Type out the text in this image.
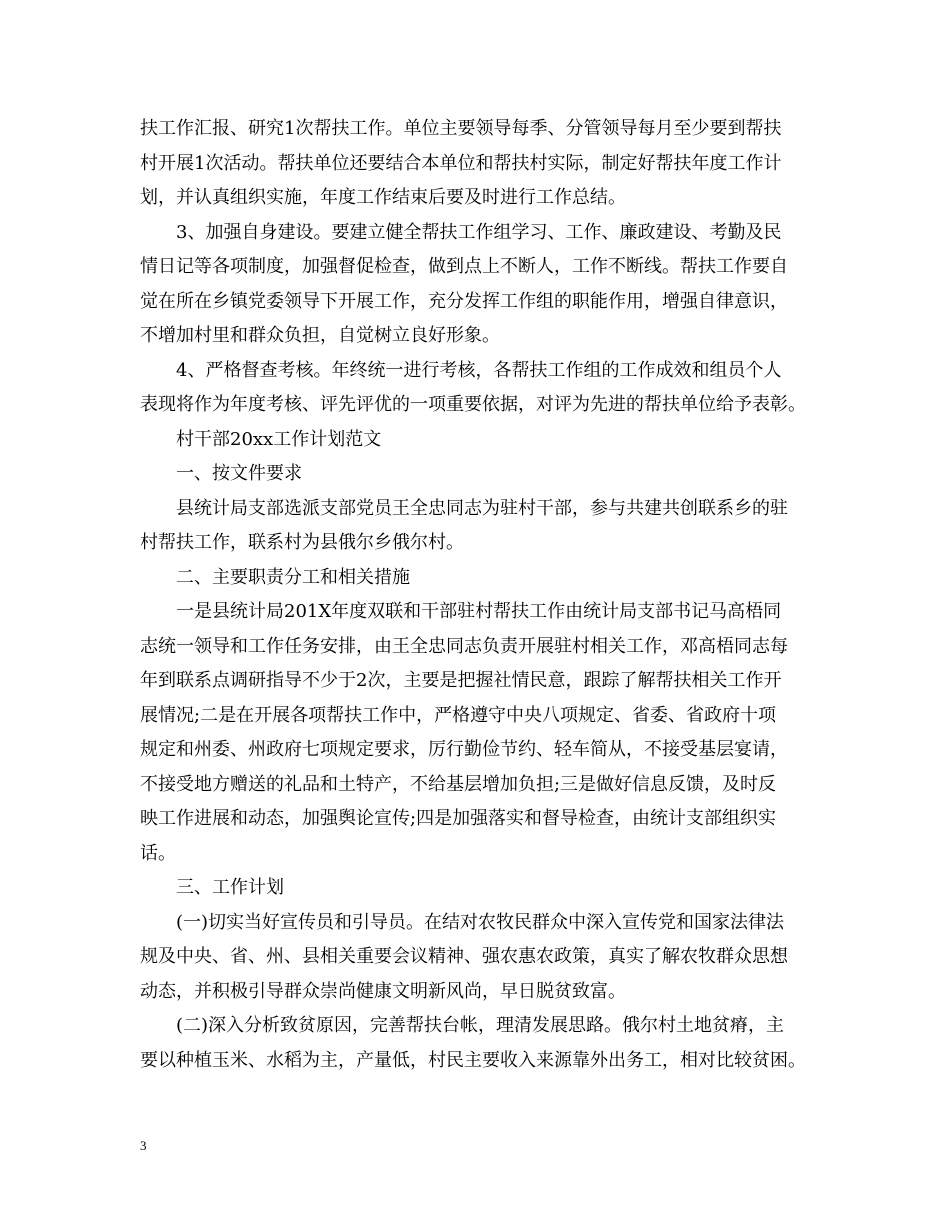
扶工作汇报、研究1次帮扶工作。单位主要领导每季、分管领导每月至少要到帮扶
村开展1次活动。帮扶单位还要结合本单位和帮扶村实际，制定好帮扶年度工作计
划，并认真组织实施，年度工作结束后要及时进行工作总结。
3、加强自身建设。要建立健全帮扶工作组学习、工作、廉政建设、考勤及民
情日记等各项制度，加强督促检查，做到点上不断人，工作不断线。帮扶工作要自
觉在所在乡镇党委领导下开展工作，充分发挥工作组的职能作用，增强自律意识，
不增加村里和群众负担，自觉树立良好形象。
4、严格督查考核。年终统一进行考核，各帮扶工作组的工作成效和组员个人
表现将作为年度考核、评先评优的一项重要依据，对评为先进的帮扶单位给予表彰。
村干部20xx工作计划范文
一、按文件要求
县统计局支部选派支部党员王全忠同志为驻村干部，参与共建共创联系乡的驻
村帮扶工作，联系村为县俄尔乡俄尔村。
二、主要职责分工和相关措施
一是县统计局201X年度双联和干部驻村帮扶工作由统计局支部书记马高梧同
志统一领导和工作任务安排，由王全忠同志负责开展驻村相关工作，邓高梧同志每
年到联系点调研指导不少于2次，主要是把握社情民意，跟踪了解帮扶相关工作开
展情况;二是在开展各项帮扶工作中，严格遵守中央八项规定、省委、省政府十项
规定和州委、州政府七项规定要求，厉行勤俭节约、轻车简从，不接受基层宴请，
不接受地方赠送的礼品和土特产，不给基层增加负担;三是做好信息反馈，及时反
映工作进展和动态，加强舆论宣传;四是加强落实和督导检查，由统计支部组织实
话。
三、工作计划
(一)切实当好宣传员和引导员。在结对农牧民群众中深入宣传党和国家法律法
规及中央、省、州、县相关重要会议精神、强农惠农政策，真实了解农牧群众思想
动态，并积极引导群众崇尚健康文明新风尚，早日脱贫致富。
(二)深入分析致贫原因，完善帮扶台帐，理清发展思路。俄尔村土地贫瘠，主
要以种植玉米、水稻为主，产量低，村民主要收入来源靠外出务工，相对比较贫困。
3
